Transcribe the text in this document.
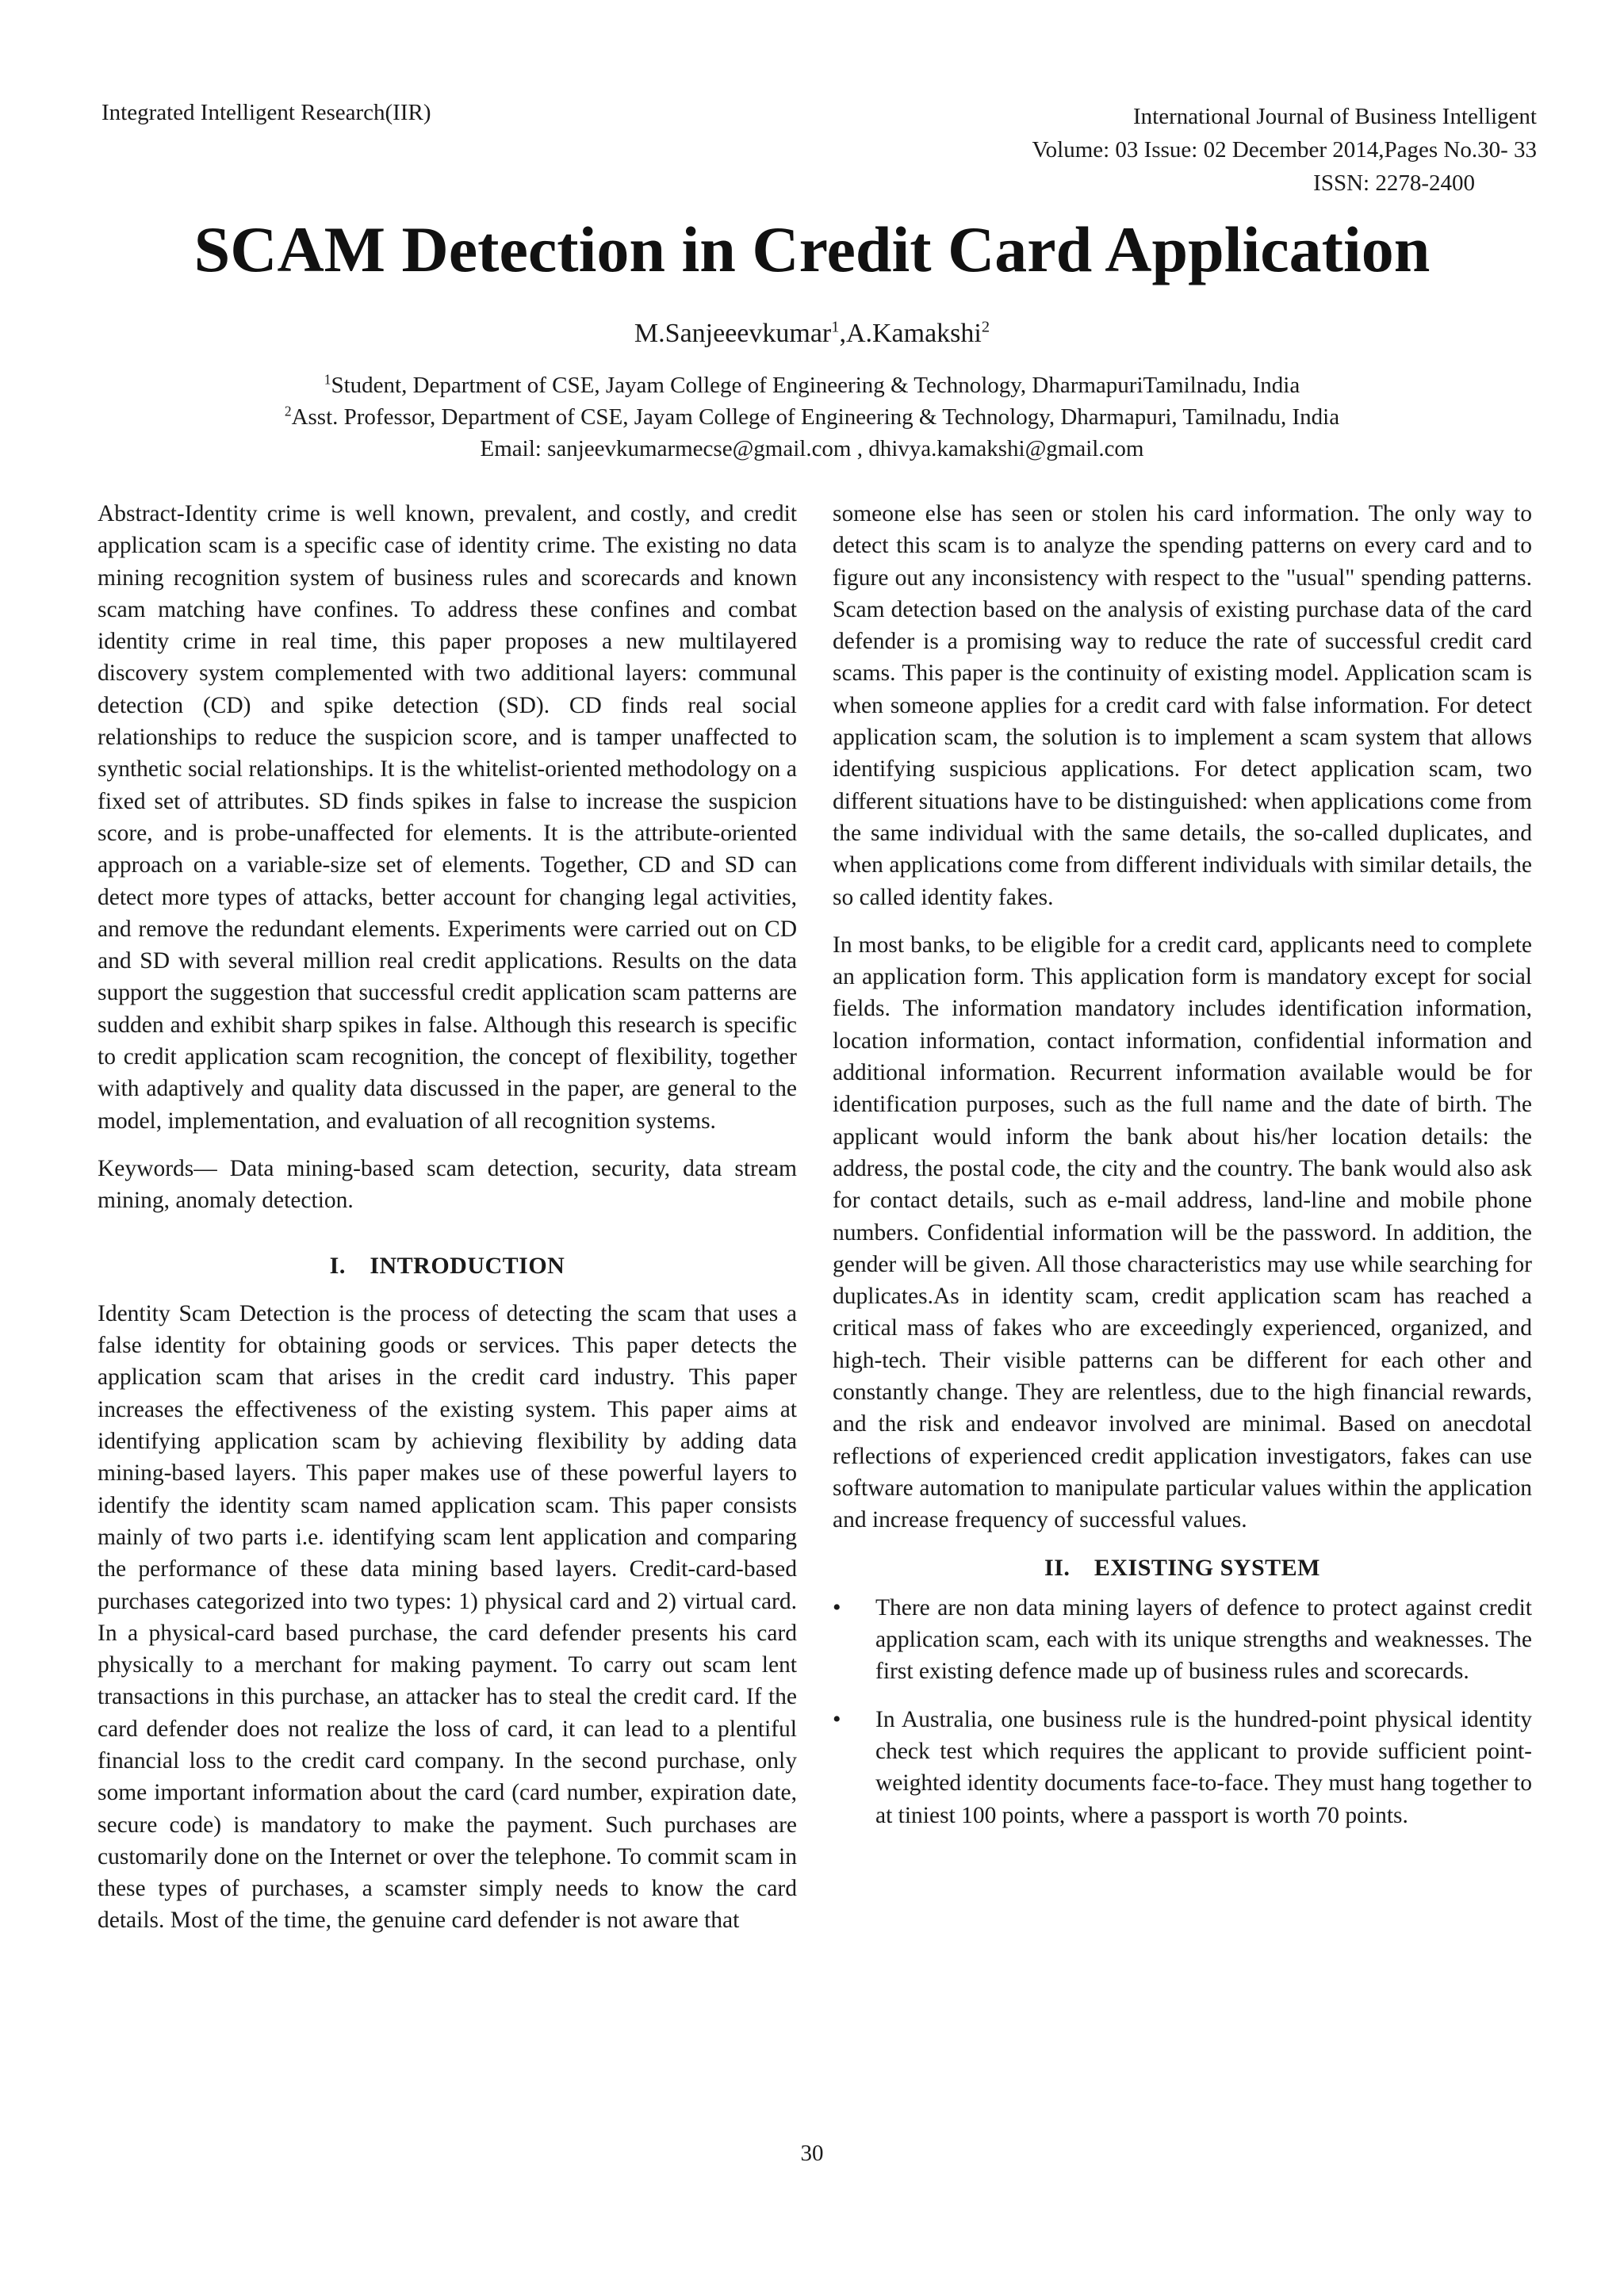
Integrated Intelligent Research(IIR)	International Journal of Business Intelligent
Volume: 03 Issue: 02 December 2014,Pages No.30- 33
ISSN: 2278-2400
SCAM Detection in Credit Card Application
M.Sanjeeevkumar$^1$,A.Kamakshi$^2$
$^1$Student, Department of CSE, Jayam College of Engineering & Technology, DharmapuriTamilnadu, India
$^2$Asst. Professor, Department of CSE, Jayam College of Engineering & Technology, Dharmapuri, Tamilnadu, India
Email: sanjeevkumarmecse@gmail.com , dhivya.kamakshi@gmail.com

Abstract-Identity crime is well known, prevalent, and costly, and credit application scam is a specific case of identity crime. The existing no data mining recognition system of business rules and scorecards and known scam matching have confines. To address these confines and combat identity crime in real time, this paper proposes a new multilayered discovery system complemented with two additional layers: communal detection (CD) and spike detection (SD). CD finds real social relationships to reduce the suspicion score, and is tamper unaffected to synthetic social relationships. It is the whitelist-oriented methodology on a fixed set of attributes. SD finds spikes in false to increase the suspicion score, and is probe-unaffected for elements. It is the attribute-oriented approach on a variable-size set of elements. Together, CD and SD can detect more types of attacks, better account for changing legal activities, and remove the redundant elements. Experiments were carried out on CD and SD with several million real credit applications. Results on the data support the suggestion that successful credit application scam patterns are sudden and exhibit sharp spikes in false. Although this research is specific to credit application scam recognition, the concept of flexibility, together with adaptively and quality data discussed in the paper, are general to the model, implementation, and evaluation of all recognition systems.

Keywords— Data mining-based scam detection, security, data stream mining, anomaly detection.

I. INTRODUCTION

Identity Scam Detection is the process of detecting the scam that uses a false identity for obtaining goods or services. This paper detects the application scam that arises in the credit card industry. This paper increases the effectiveness of the existing system. This paper aims at identifying application scam by achieving flexibility by adding data mining-based layers. This paper makes use of these powerful layers to identify the identity scam named application scam. This paper consists mainly of two parts i.e. identifying scam lent application and comparing the performance of these data mining based layers. Credit-card-based purchases categorized into two types: 1) physical card and 2) virtual card. In a physical-card based purchase, the card defender presents his card physically to a merchant for making payment. To carry out scam lent transactions in this purchase, an attacker has to steal the credit card. If the card defender does not realize the loss of card, it can lead to a plentiful financial loss to the credit card company. In the second purchase, only some important information about the card (card number, expiration date, secure code) is mandatory to make the payment. Such purchases are customarily done on the Internet or over the telephone. To commit scam in these types of purchases, a scamster simply needs to know the card details. Most of the time, the genuine card defender is not aware that

someone else has seen or stolen his card information. The only way to detect this scam is to analyze the spending patterns on every card and to figure out any inconsistency with respect to the "usual" spending patterns. Scam detection based on the analysis of existing purchase data of the card defender is a promising way to reduce the rate of successful credit card scams. This paper is the continuity of existing model. Application scam is when someone applies for a credit card with false information. For detect application scam, the solution is to implement a scam system that allows identifying suspicious applications. For detect application scam, two different situations have to be distinguished: when applications come from the same individual with the same details, the so-called duplicates, and when applications come from different individuals with similar details, the so called identity fakes.

In most banks, to be eligible for a credit card, applicants need to complete an application form. This application form is mandatory except for social fields. The information mandatory includes identification information, location information, contact information, confidential information and additional information. Recurrent information available would be for identification purposes, such as the full name and the date of birth. The applicant would inform the bank about his/her location details: the address, the postal code, the city and the country. The bank would also ask for contact details, such as e-mail address, land-line and mobile phone numbers. Confidential information will be the password. In addition, the gender will be given. All those characteristics may use while searching for duplicates.As in identity scam, credit application scam has reached a critical mass of fakes who are exceedingly experienced, organized, and high-tech. Their visible patterns can be different for each other and constantly change. They are relentless, due to the high financial rewards, and the risk and endeavor involved are minimal. Based on anecdotal reflections of experienced credit application investigators, fakes can use software automation to manipulate particular values within the application and increase frequency of successful values.

II. EXISTING SYSTEM
•	There are non data mining layers of defence to protect against credit application scam, each with its unique strengths and weaknesses. The first existing defence made up of business rules and scorecards.
•	In Australia, one business rule is the hundred-point physical identity check test which requires the applicant to provide sufficient point-weighted identity documents face-to-face. They must hang together to at tiniest 100 points, where a passport is worth 70 points.
30
